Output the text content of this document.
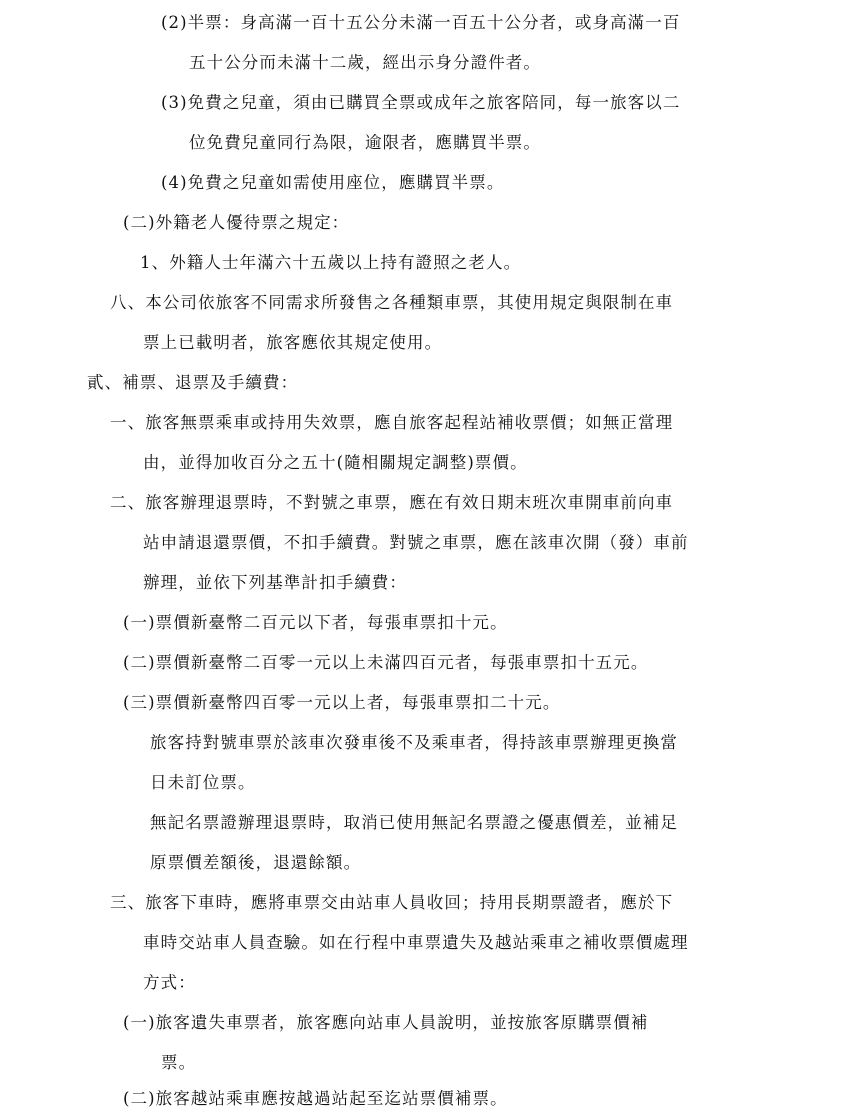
(2)半票：身高滿一百十五公分未滿一百五十公分者，或身高滿一百
五十公分而未滿十二歲，經出示身分證件者。
(3)免費之兒童，須由已購買全票或成年之旅客陪同，每一旅客以二
位免費兒童同行為限，逾限者，應購買半票。
(4)免費之兒童如需使用座位，應購買半票。
(二)外籍老人優待票之規定：
1、外籍人士年滿六十五歲以上持有證照之老人。
八、本公司依旅客不同需求所發售之各種類車票，其使用規定與限制在車
票上已載明者，旅客應依其規定使用。
貳、補票、退票及手續費：
一、旅客無票乘車或持用失效票，應自旅客起程站補收票價；如無正當理
由，並得加收百分之五十(隨相關規定調整)票價。
二、旅客辦理退票時，不對號之車票，應在有效日期末班次車開車前向車
站申請退還票價，不扣手續費。對號之車票，應在該車次開（發）車前
辦理，並依下列基準計扣手續費：
(一)票價新臺幣二百元以下者，每張車票扣十元。
(二)票價新臺幣二百零一元以上未滿四百元者，每張車票扣十五元。
(三)票價新臺幣四百零一元以上者，每張車票扣二十元。
旅客持對號車票於該車次發車後不及乘車者，得持該車票辦理更換當
日未訂位票。
無記名票證辦理退票時，取消已使用無記名票證之優惠價差，並補足
原票價差額後，退還餘額。
三、旅客下車時，應將車票交由站車人員收回；持用長期票證者，應於下
車時交站車人員查驗。如在行程中車票遺失及越站乘車之補收票價處理
方式：
(一)旅客遺失車票者，旅客應向站車人員說明，並按旅客原購票價補
票。
(二)旅客越站乘車應按越過站起至迄站票價補票。
